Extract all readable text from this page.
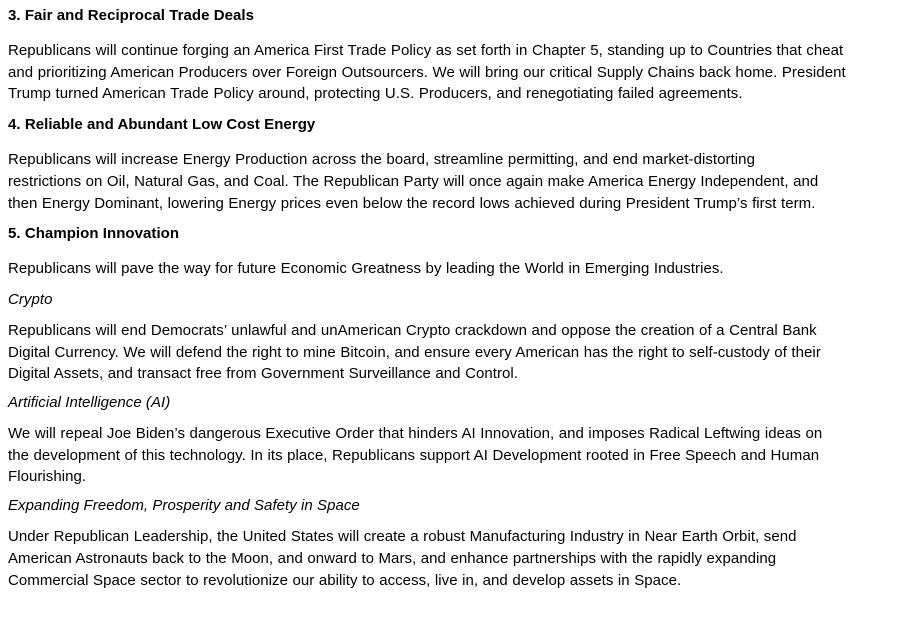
3. Fair and Reciprocal Trade Deals
Republicans will continue forging an America First Trade Policy as set forth in Chapter 5, standing up to Countries that cheat
and prioritizing American Producers over Foreign Outsourcers. We will bring our critical Supply Chains back home. President
Trump turned American Trade Policy around, protecting U.S. Producers, and renegotiating failed agreements.
4. Reliable and Abundant Low Cost Energy
Republicans will increase Energy Production across the board, streamline permitting, and end market-distorting
restrictions on Oil, Natural Gas, and Coal. The Republican Party will once again make America Energy Independent, and
then Energy Dominant, lowering Energy prices even below the record lows achieved during President Trump’s first term.
5. Champion Innovation
Republicans will pave the way for future Economic Greatness by leading the World in Emerging Industries.
Crypto
Republicans will end Democrats’ unlawful and unAmerican Crypto crackdown and oppose the creation of a Central Bank
Digital Currency. We will defend the right to mine Bitcoin, and ensure every American has the right to self-custody of their
Digital Assets, and transact free from Government Surveillance and Control.
Artificial Intelligence (AI)
We will repeal Joe Biden’s dangerous Executive Order that hinders AI Innovation, and imposes Radical Leftwing ideas on
the development of this technology. In its place, Republicans support AI Development rooted in Free Speech and Human
Flourishing.
Expanding Freedom, Prosperity and Safety in Space
Under Republican Leadership, the United States will create a robust Manufacturing Industry in Near Earth Orbit, send
American Astronauts back to the Moon, and onward to Mars, and enhance partnerships with the rapidly expanding
Commercial Space sector to revolutionize our ability to access, live in, and develop assets in Space.
